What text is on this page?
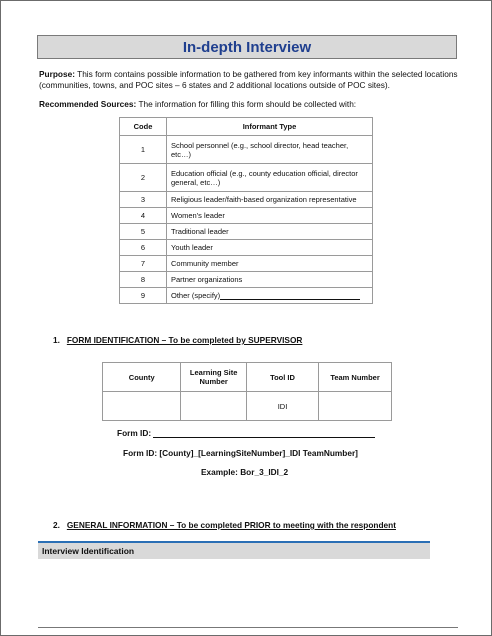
In-depth Interview
Purpose: This form contains possible information to be gathered from key informants within the selected locations (communities, towns, and POC sites – 6 states and 2 additional locations outside of POC sites).
Recommended Sources: The information for filling this form should be collected with:
Code	Informant Type
1	School personnel (e.g., school director, head teacher, etc…)
2	Education official (e.g., county education official, director general, etc…)
3	Religious leader/faith-based organization representative
4	Women's leader
5	Traditional leader
6	Youth leader
7	Community member
8	Partner organizations
9	Other (specify)
1. FORM IDENTIFICATION – To be completed by SUPERVISOR
County	Learning Site Number	Tool ID	Team Number
		IDI	
Form ID:
Form ID: [County]_[LearningSiteNumber]_IDI TeamNumber]
Example: Bor_3_IDI_2
2. GENERAL INFORMATION – To be completed PRIOR to meeting with the respondent
Interview Identification
